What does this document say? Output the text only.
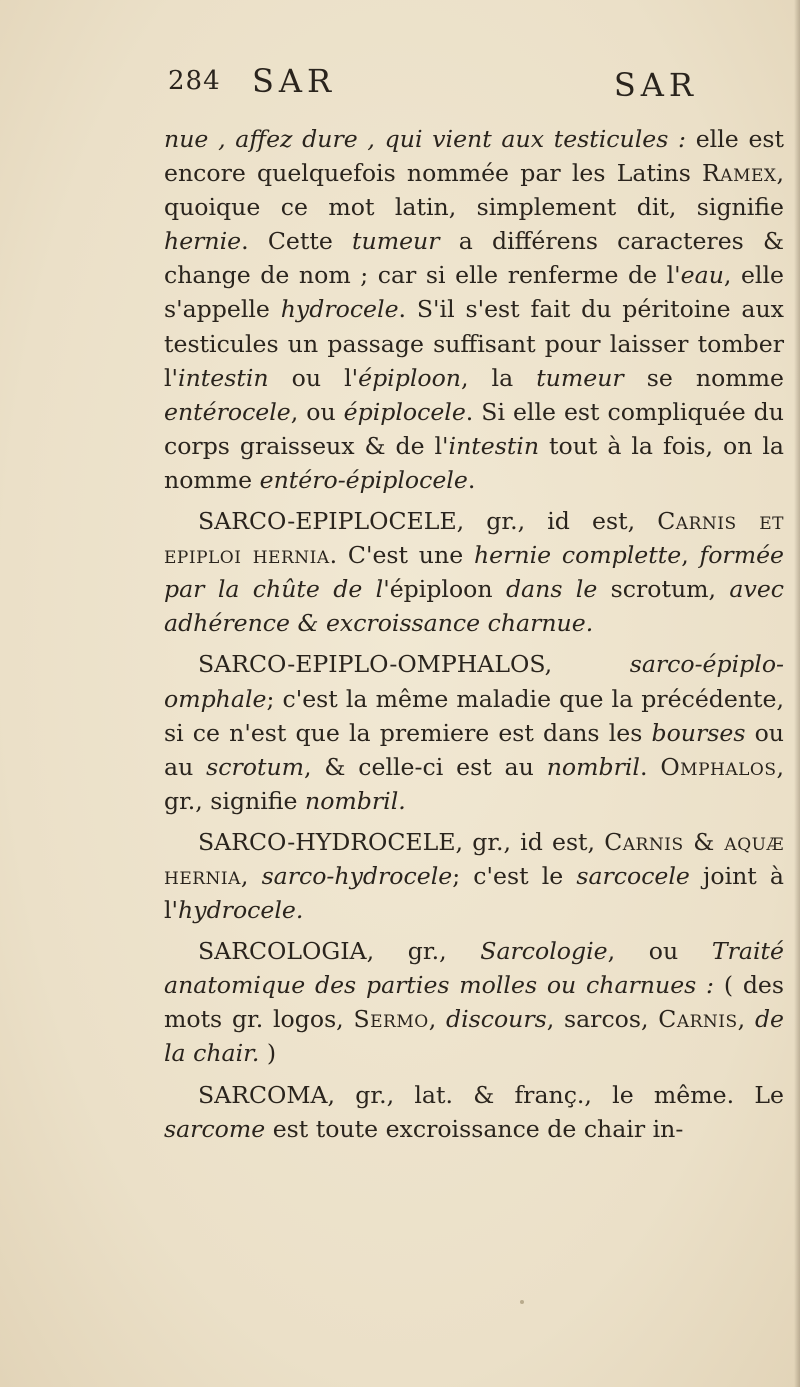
284 SAR	SAR

nue , affez dure , qui vient aux testicules : elle est encore quelquefois nommée par les Latins Ramex, quoique ce mot latin, simplement dit, signifie hernie. Cette tumeur a différens caracteres & change de nom ; car si elle renferme de l'eau, elle s'appelle hydrocele. S'il s'est fait du péritoine aux testicules un passage suffisant pour laisser tomber l'intestin ou l'épiploon, la tumeur se nomme entérocele, ou épiplocele. Si elle est compliquée du corps graisseux & de l'intestin tout à la fois, on la nomme entéro-épiplocele.

SARCO-EPIPLOCELE, gr., id est, Carnis et epiploi hernia. C'est une hernie complette, formée par la chûte de l'épiploon dans le scrotum, avec adhérence & excroissance charnue.

SARCO-EPIPLO-OMPHALOS, sarco-épiplo-omphale; c'est la même maladie que la précédente, si ce n'est que la premiere est dans les bourses ou au scrotum, & celle-ci est au nombril. Omphalos, gr., signifie nombril.

SARCO-HYDROCELE, gr., id est, Carnis & aquæ hernia, sarco-hydrocele; c'est le sarcocele joint à l'hydrocele.

SARCOLOGIA, gr., Sarcologie, ou Traité anatomique des parties molles ou charnues : ( des mots gr. logos, Sermo, discours, sarcos, Carnis, de la chair. )

SARCOMA, gr., lat. & franç., le même. Le sarcome est toute excroissance de chair in-
